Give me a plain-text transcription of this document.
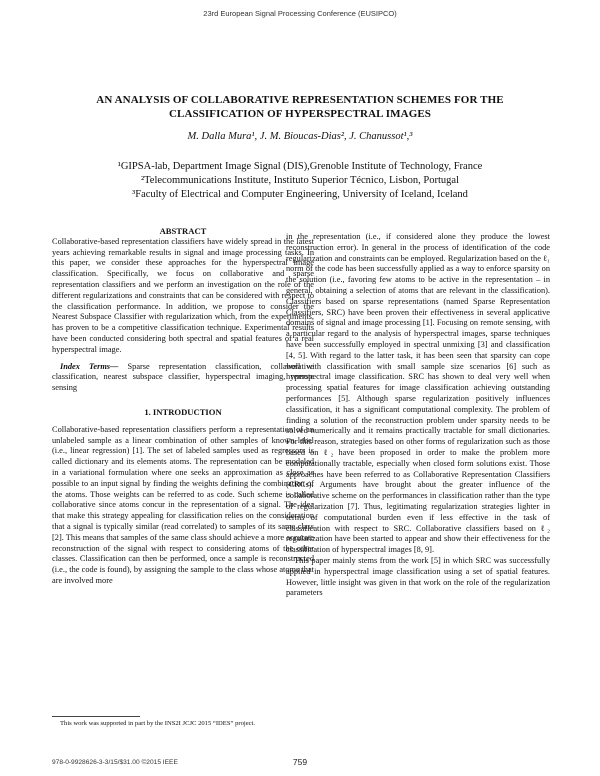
23rd European Signal Processing Conference (EUSIPCO)
AN ANALYSIS OF COLLABORATIVE REPRESENTATION SCHEMES FOR THE
CLASSIFICATION OF HYPERSPECTRAL IMAGES
M. Dalla Mura¹, J. M. Bioucas-Dias², J. Chanussot¹,³
¹GIPSA-lab, Department Image Signal (DIS),Grenoble Institute of Technology, France
²Telecommunications Institute, Instituto Superior Técnico, Lisbon, Portugal
³Faculty of Electrical and Computer Engineering, University of Iceland, Iceland

ABSTRACT

Collaborative-based representation classifiers have widely spread in the latest years achieving remarkable results in signal and image processing tasks. In this paper, we consider these approaches for the hyperspectral image classification. Specifically, we focus on collaborative and sparse representation classifiers and we perform an investigation on the role of the different regularizations and constraints that can be considered with respect to the classification performance. In addition, we propose to consider the Nearest Subspace Classifier with regularization which, from the experiments, has proven to be a competitive classification technique. Experimental results have been conducted considering both spectral and spatial features of a real hyperspectral image.

Index Terms— Sparse representation classification, collaborative classification, nearest subspace classifier, hyperspectral imaging, remote sensing

1. INTRODUCTION

Collaborative-based representation classifiers perform a representation of an unlabeled sample as a linear combination of other samples of known label (i.e., linear regression) [1]. The set of labeled samples used as regressors is called dictionary and its elements atoms. The representation can be modeled in a variational formulation where one seeks an approximation as close as possible to an input signal by finding the weights defining the combination of the atoms. Those weights can be referred to as code. Such scheme is called collaborative since atoms concur in the representation of a signal. The idea that make this strategy appealing for classification relies on the consideration that a signal is typically similar (read correlated) to samples of its same class [2]. This means that samples of the same class should achieve a more accurate reconstruction of the signal with respect to considering atoms of the other classes. Classification can then be performed, once a sample is reconstructed (i.e., the code is found), by assigning the sample to the class whose atoms that are involved more

in the representation (i.e., if considered alone they produce the lowest reconstruction error). In general in the process of identification of the code regularization and constraints can be employed. Regularization based on the ℓ₁ norm of the code has been successfully applied as a way to enforce sparsity on the solution (i.e., favoring few atoms to be active in the representation – in general, obtaining a selection of atoms that are relevant in the classification). Classifiers based on sparse representations (named Sparse Representation Classifiers, SRC) have been proven their effectiveness in several applicative domains of signal and image processing [1]. Focusing on remote sensing, with a particular regard to the analysis of hyperspectral images, sparse techniques have been successfully employed in spectral unmixing [3] and classification [4, 5]. With regard to the latter task, it has been seen that sparsity can cope well with classification with small sample size scenarios [6] such as hyperspectral image classification. SRC has shown to deal very well when processing spatial features for image classification achieving outstanding performances [5]. Although sparse regularization positively influences classification, it has a significant computational complexity. The problem of finding a solution of the reconstruction problem under sparsity needs to be solved numerically and it remains practically tractable for small dictionaries. For this reason, strategies based on other forms of regularization such as those based on ℓ₂ have been proposed in order to make the problem more computationally tractable, especially when closed form solutions exist. Those approaches have been referred to as Collaborative Representation Classifiers (CRCs). Arguments have brought about the greater influence of the collaborative scheme on the performances in classification rather than the type of regularization [7]. Thus, legitimating regularization strategies lighter in terms of computational burden even if less effective in the task of classification with respect to SRC. Collaborative classifiers based on ℓ₂ regularization have been started to appear and show their effectiveness for the classification of hyperspectral images [8, 9].

This paper mainly stems from the work [5] in which SRC was successfully applied in hyperspectral image classification using a set of spatial features. However, little insight was given in that work on the role of the regularization parameters

This work was supported in part by the INS2I JCJC 2015 “IDES” project.
978-0-9928626-3-3/15/$31.00 ©2015 IEEE	759
